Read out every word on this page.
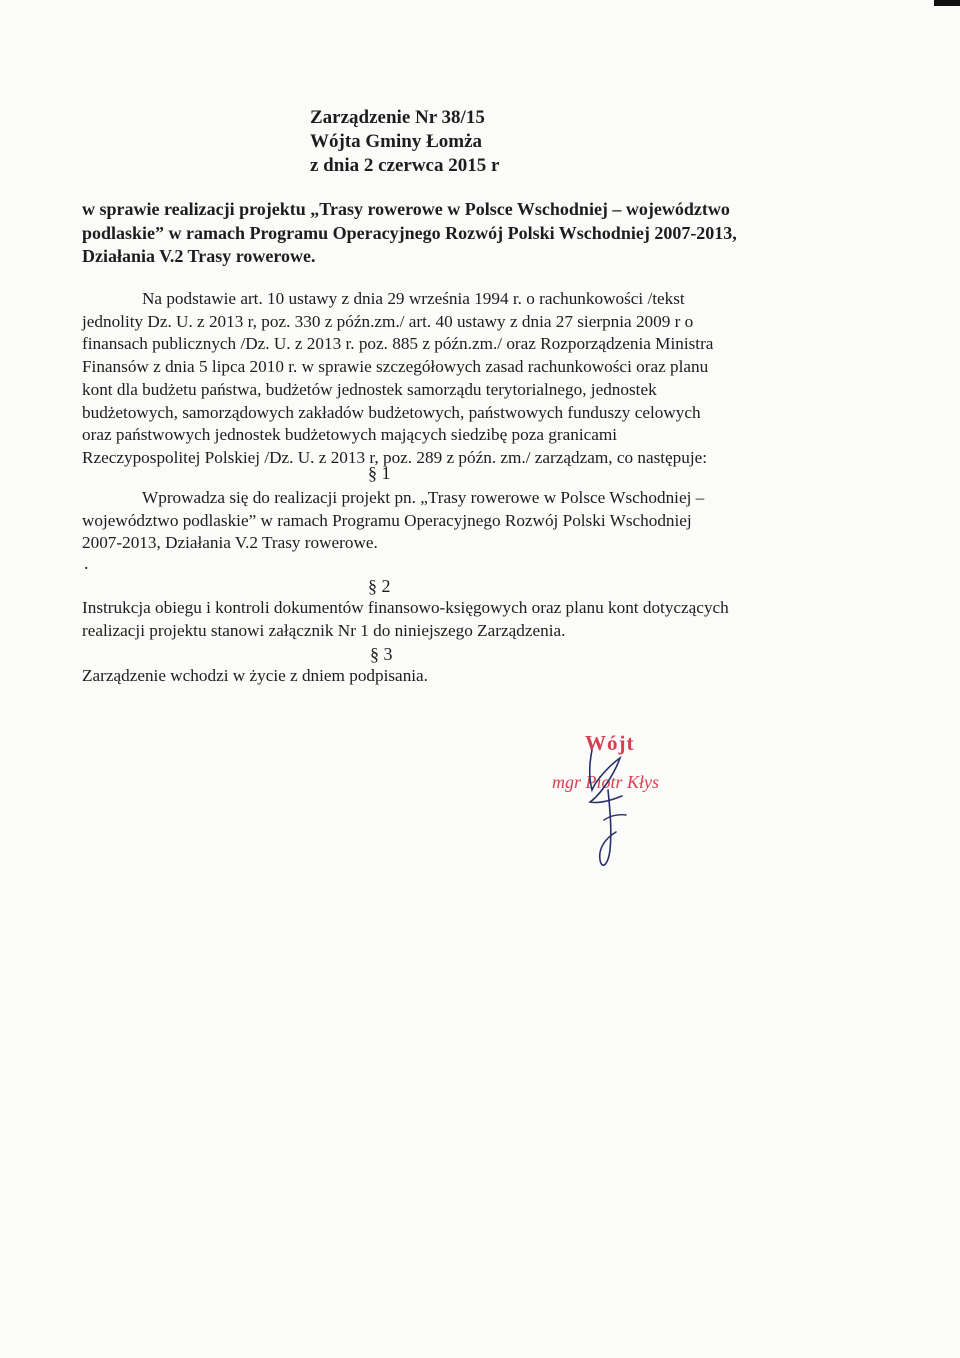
Zarządzenie Nr 38/15
Wójta Gminy Łomża
z dnia 2 czerwca 2015 r
w sprawie realizacji projektu „Trasy rowerowe w Polsce Wschodniej – województwo
podlaskie” w ramach Programu Operacyjnego Rozwój Polski Wschodniej 2007-2013,
Działania V.2 Trasy rowerowe.
Na podstawie art. 10 ustawy z dnia 29 września 1994 r. o rachunkowości /tekst
jednolity Dz. U. z 2013 r, poz. 330 z późn.zm./ art. 40 ustawy z dnia 27 sierpnia 2009 r o
finansach publicznych /Dz. U. z 2013 r. poz. 885 z późn.zm./ oraz Rozporządzenia Ministra
Finansów z dnia 5 lipca 2010 r. w sprawie szczegółowych zasad rachunkowości oraz planu
kont dla budżetu państwa, budżetów jednostek samorządu terytorialnego, jednostek
budżetowych, samorządowych zakładów budżetowych, państwowych funduszy celowych
oraz państwowych jednostek budżetowych mających siedzibę poza granicami
Rzeczypospolitej Polskiej /Dz. U. z 2013 r, poz. 289 z późn. zm./ zarządzam, co następuje:
§ 1
Wprowadza się do realizacji projekt pn. „Trasy rowerowe w Polsce Wschodniej –
województwo podlaskie” w ramach Programu Operacyjnego Rozwój Polski Wschodniej
2007-2013, Działania V.2 Trasy rowerowe.
.
§ 2
Instrukcja obiegu i kontroli dokumentów finansowo-księgowych oraz planu kont dotyczących
realizacji projektu stanowi załącznik Nr 1 do niniejszego Zarządzenia.
§ 3
Zarządzenie wchodzi w życie z dniem podpisania.
Wójt
mgr Piotr Kłys
